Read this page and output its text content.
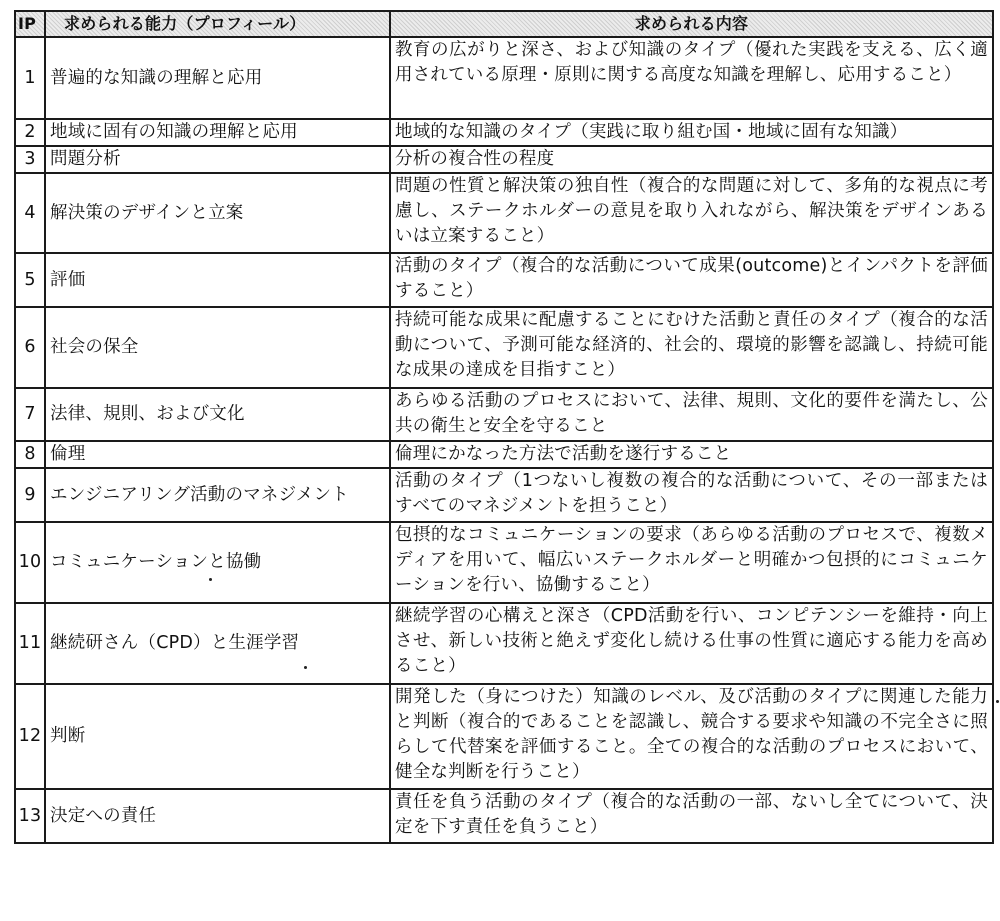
IP	求められる能力（プロフィール）	求められる内容
1	普遍的な知識の理解と応用	教育の広がりと深さ、および知識のタイプ（優れた実践を支える、広く適用されている原理・原則に関する高度な知識を理解し、応用すること）
2	地域に固有の知識の理解と応用	地域的な知識のタイプ（実践に取り組む国・地域に固有な知識）
3	問題分析	分析の複合性の程度
4	解決策のデザインと立案	問題の性質と解決策の独自性（複合的な問題に対して、多角的な視点に考慮し、ステークホルダーの意見を取り入れながら、解決策をデザインあるいは立案すること）
5	評価	活動のタイプ（複合的な活動について成果(outcome)とインパクトを評価すること）
6	社会の保全	持続可能な成果に配慮することにむけた活動と責任のタイプ（複合的な活動について、予測可能な経済的、社会的、環境的影響を認識し、持続可能な成果の達成を目指すこと）
7	法律、規則、および文化	あらゆる活動のプロセスにおいて、法律、規則、文化的要件を満たし、公共の衛生と安全を守ること
8	倫理	倫理にかなった方法で活動を遂行すること
9	エンジニアリング活動のマネジメント	活動のタイプ（1つないし複数の複合的な活動について、その一部またはすべてのマネジメントを担うこと）
10	コミュニケーションと協働	包摂的なコミュニケーションの要求（あらゆる活動のプロセスで、複数メディアを用いて、幅広いステークホルダーと明確かつ包摂的にコミュニケーションを行い、協働すること）
11	継続研さん（CPD）と生涯学習	継続学習の心構えと深さ（CPD活動を行い、コンピテンシーを維持・向上させ、新しい技術と絶えず変化し続ける仕事の性質に適応する能力を高めること）
12	判断	開発した（身につけた）知識のレベル、及び活動のタイプに関連した能力と判断（複合的であることを認識し、競合する要求や知識の不完全さに照らして代替案を評価すること。全ての複合的な活動のプロセスにおいて、健全な判断を行うこと）
13	決定への責任	責任を負う活動のタイプ（複合的な活動の一部、ないし全てについて、決定を下す責任を負うこと）
